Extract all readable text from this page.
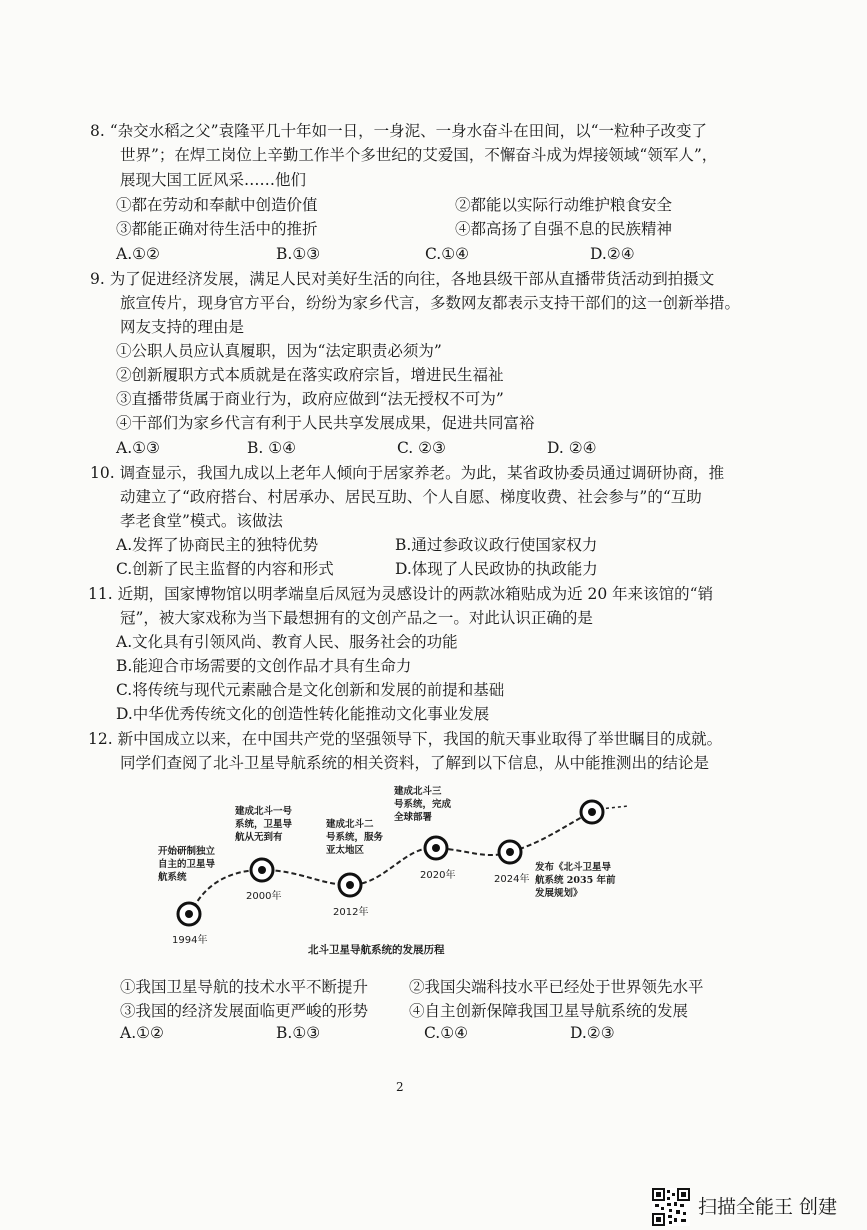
8. “杂交水稻之父”袁隆平几十年如一日，一身泥、一身水奋斗在田间，以“一粒种子改变了
世界”；在焊工岗位上辛勤工作半个多世纪的艾爱国，不懈奋斗成为焊接领域“领军人”，
展现大国工匠风采……他们
①都在劳动和奉献中创造价值	②都能以实际行动维护粮食安全
③都能正确对待生活中的推折	④都高扬了自强不息的民族精神
A.①②	B.①③	C.①④	D.②④
9. 为了促进经济发展，满足人民对美好生活的向往，各地县级干部从直播带货活动到拍摄文
旅宣传片，现身官方平台，纷纷为家乡代言，多数网友都表示支持干部们的这一创新举措。
网友支持的理由是
①公职人员应认真履职，因为“法定职责必须为”
②创新履职方式本质就是在落实政府宗旨，增进民生福祉
③直播带货属于商业行为，政府应做到“法无授权不可为”
④干部们为家乡代言有利于人民共享发展成果，促进共同富裕
A.①③	B. ①④	C. ②③	D. ②④
10. 调查显示，我国九成以上老年人倾向于居家养老。为此，某省政协委员通过调研协商，推
动建立了“政府搭台、村居承办、居民互助、个人自愿、梯度收费、社会参与”的“互助
孝老食堂”模式。该做法
A.发挥了协商民主的独特优势	B.通过参政议政行使国家权力
C.创新了民主监督的内容和形式	D.体现了人民政协的执政能力
11. 近期，国家博物馆以明孝端皇后凤冠为灵感设计的两款冰箱贴成为近 20 年来该馆的“销
冠”，被大家戏称为当下最想拥有的文创产品之一。对此认识正确的是
A.文化具有引领风尚、教育人民、服务社会的功能
B.能迎合市场需要的文创作品才具有生命力
C.将传统与现代元素融合是文化创新和发展的前提和基础
D.中华优秀传统文化的创造性转化能推动文化事业发展
12. 新中国成立以来，在中国共产党的坚强领导下，我国的航天事业取得了举世瞩目的成就。
同学们查阅了北斗卫星导航系统的相关资料，了解到以下信息，从中能推测出的结论是
开始研制独立
自主的卫星导
航系统
1994年
建成北斗一号
系统，卫星导
航从无到有
2000年
建成北斗二
号系统，服务
亚太地区
2012年
建成北斗三
号系统，完成
全球部署
2020年	2024年
发布《北斗卫星导
航系统 2035 年前
发展规划》
北斗卫星导航系统的发展历程
①我国卫星导航的技术水平不断提升	②我国尖端科技水平已经处于世界领先水平
③我国的经济发展面临更严峻的形势	④自主创新保障我国卫星导航系统的发展
A.①②	B.①③	C.①④	D.②③
2
扫描全能王 创建
